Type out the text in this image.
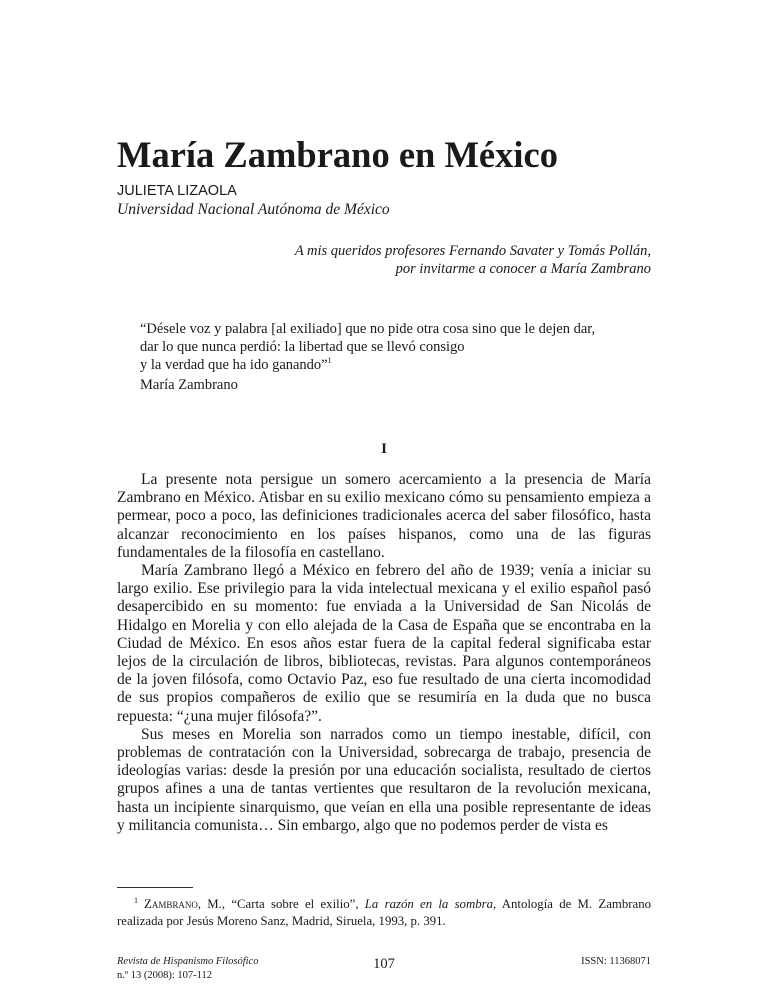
María Zambrano en México
JULIETA LIZAOLA
Universidad Nacional Autónoma de México
A mis queridos profesores Fernando Savater y Tomás Pollán,
por invitarme a conocer a María Zambrano
“Désele voz y palabra [al exiliado] que no pide otra cosa sino que le dejen dar,
dar lo que nunca perdió: la libertad que se llevó consigo
y la verdad que ha ido ganando”$^1$
María Zambrano
I

La presente nota persigue un somero acercamiento a la presencia de María Zambrano en México. Atisbar en su exilio mexicano cómo su pensamiento empieza a permear, poco a poco, las definiciones tradicionales acerca del saber filosófico, hasta alcanzar reconocimiento en los países hispanos, como una de las figuras fundamentales de la filosofía en castellano.

María Zambrano llegó a México en febrero del año de 1939; venía a iniciar su largo exilio. Ese privilegio para la vida intelectual mexicana y el exilio español pasó desapercibido en su momento: fue enviada a la Universidad de San Nicolás de Hidalgo en Morelia y con ello alejada de la Casa de España que se encontraba en la Ciudad de México. En esos años estar fuera de la capital federal significaba estar lejos de la circulación de libros, bibliotecas, revistas. Para algunos contemporáneos de la joven filósofa, como Octavio Paz, eso fue resultado de una cierta incomodidad de sus propios compañeros de exilio que se resumiría en la duda que no busca repuesta: “¿una mujer filósofa?”.

Sus meses en Morelia son narrados como un tiempo inestable, difícil, con problemas de contratación con la Universidad, sobrecarga de trabajo, presencia de ideologías varias: desde la presión por una educación socialista, resultado de ciertos grupos afines a una de tantas vertientes que resultaron de la revolución mexicana, hasta un incipiente sinarquismo, que veían en ella una posible representante de ideas y militancia comunista… Sin embargo, algo que no podemos perder de vista es

$^1$ Zambrano, M., “Carta sobre el exilio”, La razón en la sombra, Antología de M. Zambrano realizada por Jesús Moreno Sanz, Madrid, Siruela, 1993, p. 391.
Revista de Hispanismo Filosófico
n.º 13 (2008): 107-112
107	ISSN: 11368071
